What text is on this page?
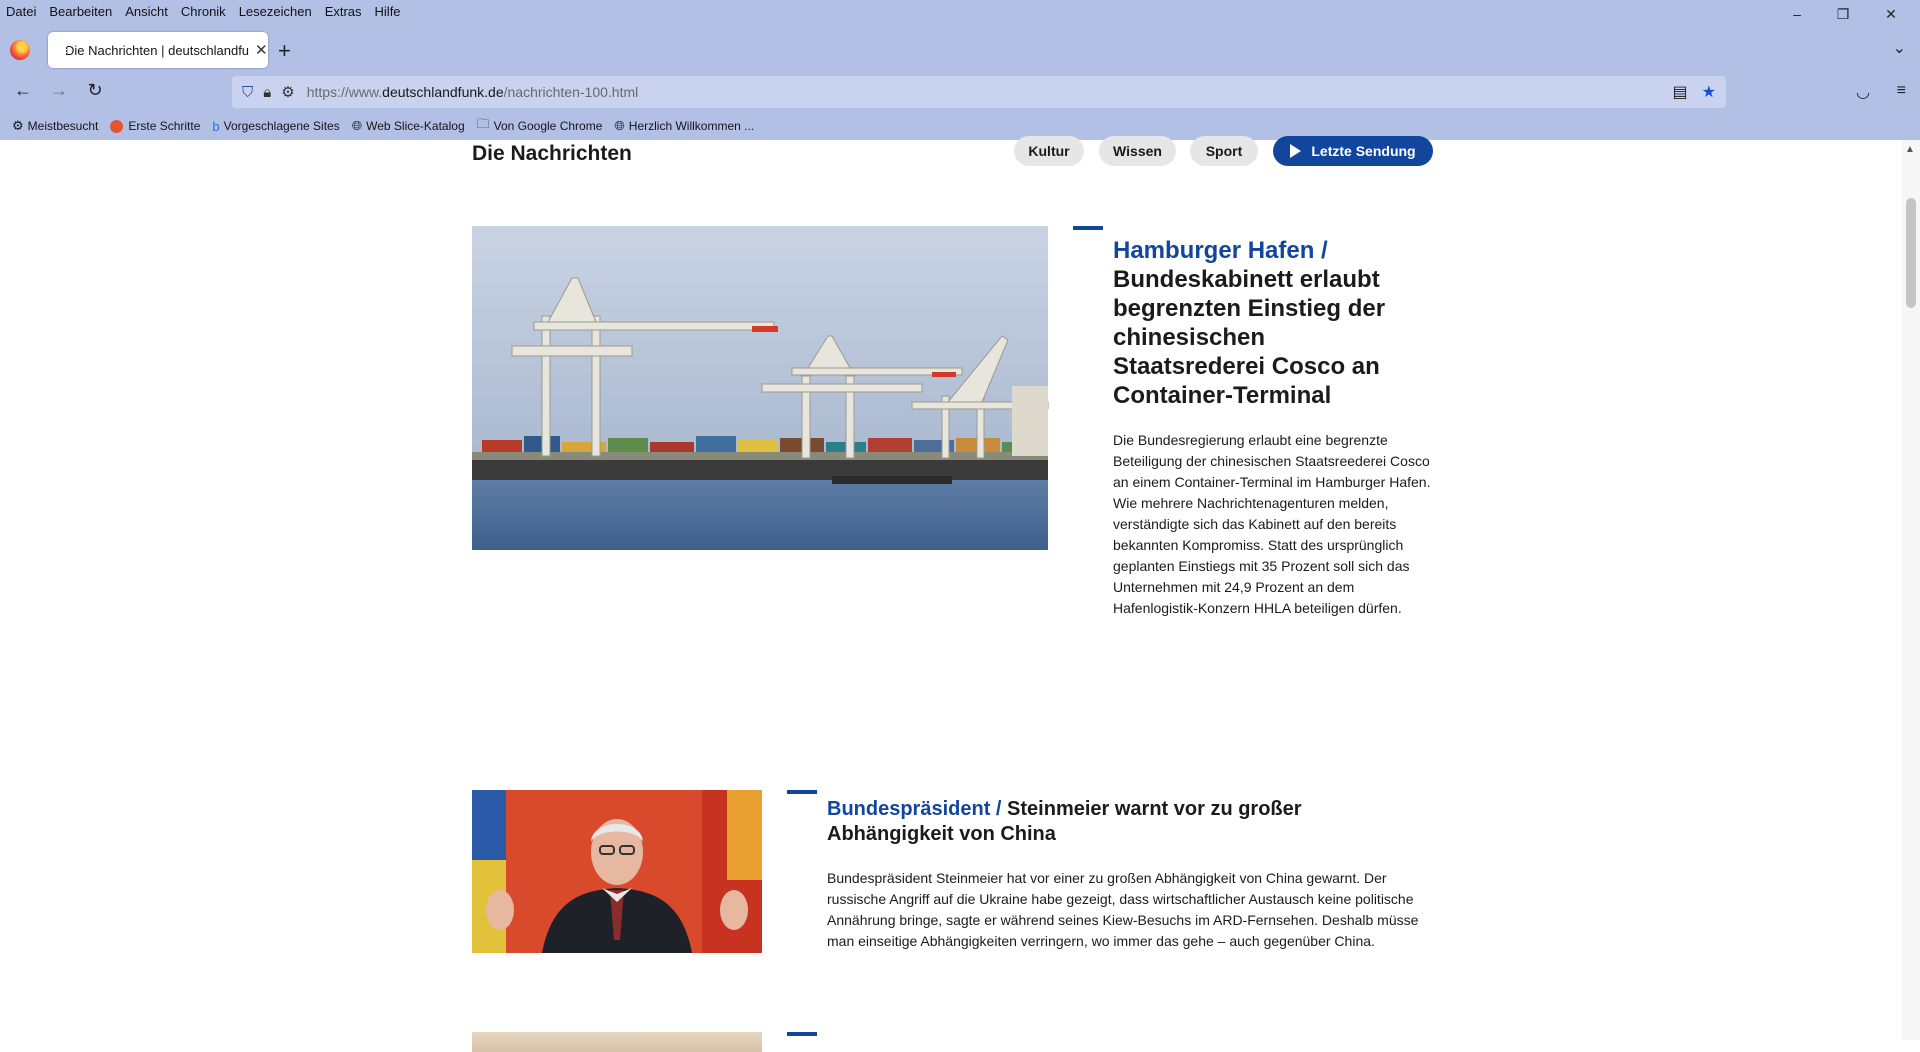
Datei	Bearbeiten	Ansicht	Chronik	Lesezeichen	Extras	Hilfe	–	❐	✕
Die Nachrichten | deutschlandfu ✕ +	⌄
← →	↻	⛉ 🔒︎ ⚙ https://www.deutschlandfunk.de/nachrichten-100.html	▤ ★	◡ ≡
⚙ Meistbesucht	Erste Schritte b Vorgeschlagene Sites 🌐︎ Web Slice-Katalog 🗀 Von Google Chrome 🌐︎ Herzlich Willkommen ...
Die Nachrichten	Kultur	Wissen	Sport	Letzte Sendung
Hamburger Hafen / Bundeskabinett erlaubt begrenzten Einstieg der chinesischen Staatsrederei Cosco an Container-Terminal
Die Bundesregierung erlaubt eine begrenzte Beteiligung der chinesischen Staatsreederei Cosco an einem Container-Terminal im Hamburger Hafen. Wie mehrere Nachrichtenagenturen melden, verständigte sich das Kabinett auf den bereits bekannten Kompromiss. Statt des ursprünglich geplanten Einstiegs mit 35 Prozent soll sich das Unternehmen mit 24,9 Prozent an dem Hafenlogistik-Konzern HHLA beteiligen dürfen.
Bundespräsident / Steinmeier warnt vor zu großer Abhängigkeit von China
Bundespräsident Steinmeier hat vor einer zu großen Abhängigkeit von China gewarnt. Der russische Angriff auf die Ukraine habe gezeigt, dass wirtschaftlicher Austausch keine politische Annährung bringe, sagte er während seines Kiew-Besuchs im ARD-Fernsehen. Deshalb müsse man einseitige Abhängigkeiten verringern, wo immer das gehe – auch gegenüber China.
▲
